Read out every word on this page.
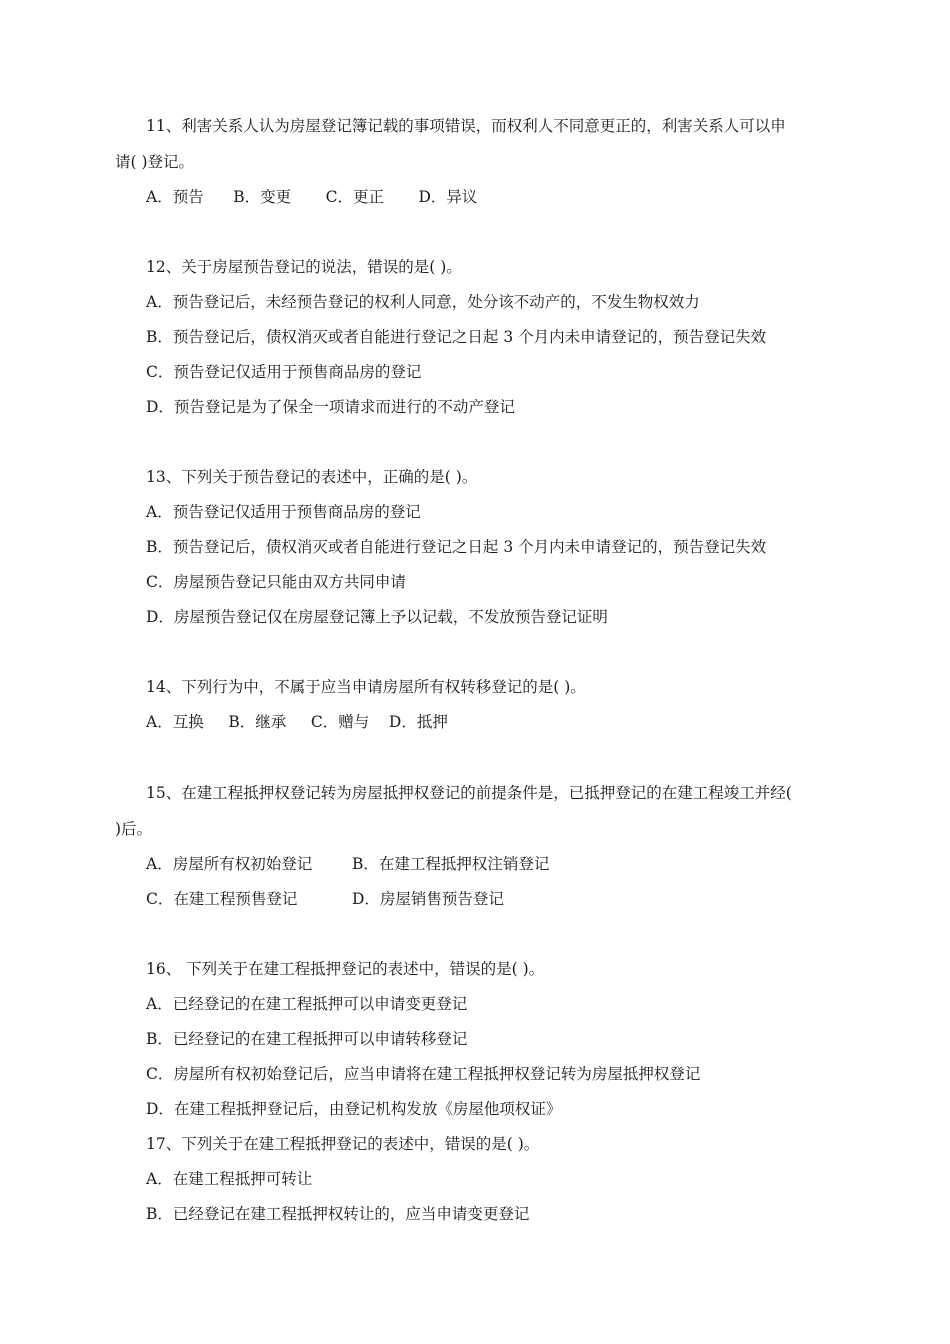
11、利害关系人认为房屋登记簿记载的事项错误，而权利人不同意更正的，利害关系人可以申
请( )登记。
A．预告      B．变更       C．更正       D．异议
12、关于房屋预告登记的说法，错误的是( )。
A．预告登记后，未经预告登记的权利人同意，处分该不动产的，不发生物权效力
B．预告登记后，债权消灭或者自能进行登记之日起 3 个月内未申请登记的，预告登记失效
C．预告登记仅适用于预售商品房的登记
D．预告登记是为了保全一项请求而进行的不动产登记
13、下列关于预告登记的表述中，正确的是( )。
A．预告登记仅适用于预售商品房的登记
B．预告登记后，债权消灭或者自能进行登记之日起 3 个月内未申请登记的，预告登记失效
C．房屋预告登记只能由双方共同申请
D．房屋预告登记仅在房屋登记簿上予以记载，不发放预告登记证明
14、下列行为中，不属于应当申请房屋所有权转移登记的是( )。
A．互换     B．继承     C．赠与    D．抵押
15、在建工程抵押权登记转为房屋抵押权登记的前提条件是，已抵押登记的在建工程竣工并经(
)后。
A．房屋所有权初始登记	B．在建工程抵押权注销登记
C．在建工程预售登记	D．房屋销售预告登记
16、 下列关于在建工程抵押登记的表述中，错误的是( )。
A．已经登记的在建工程抵押可以申请变更登记
B．已经登记的在建工程抵押可以申请转移登记
C．房屋所有权初始登记后，应当申请将在建工程抵押权登记转为房屋抵押权登记
D．在建工程抵押登记后，由登记机构发放《房屋他项权证》
17、下列关于在建工程抵押登记的表述中，错误的是( )。
A．在建工程抵押可转让
B．已经登记在建工程抵押权转让的，应当申请变更登记
